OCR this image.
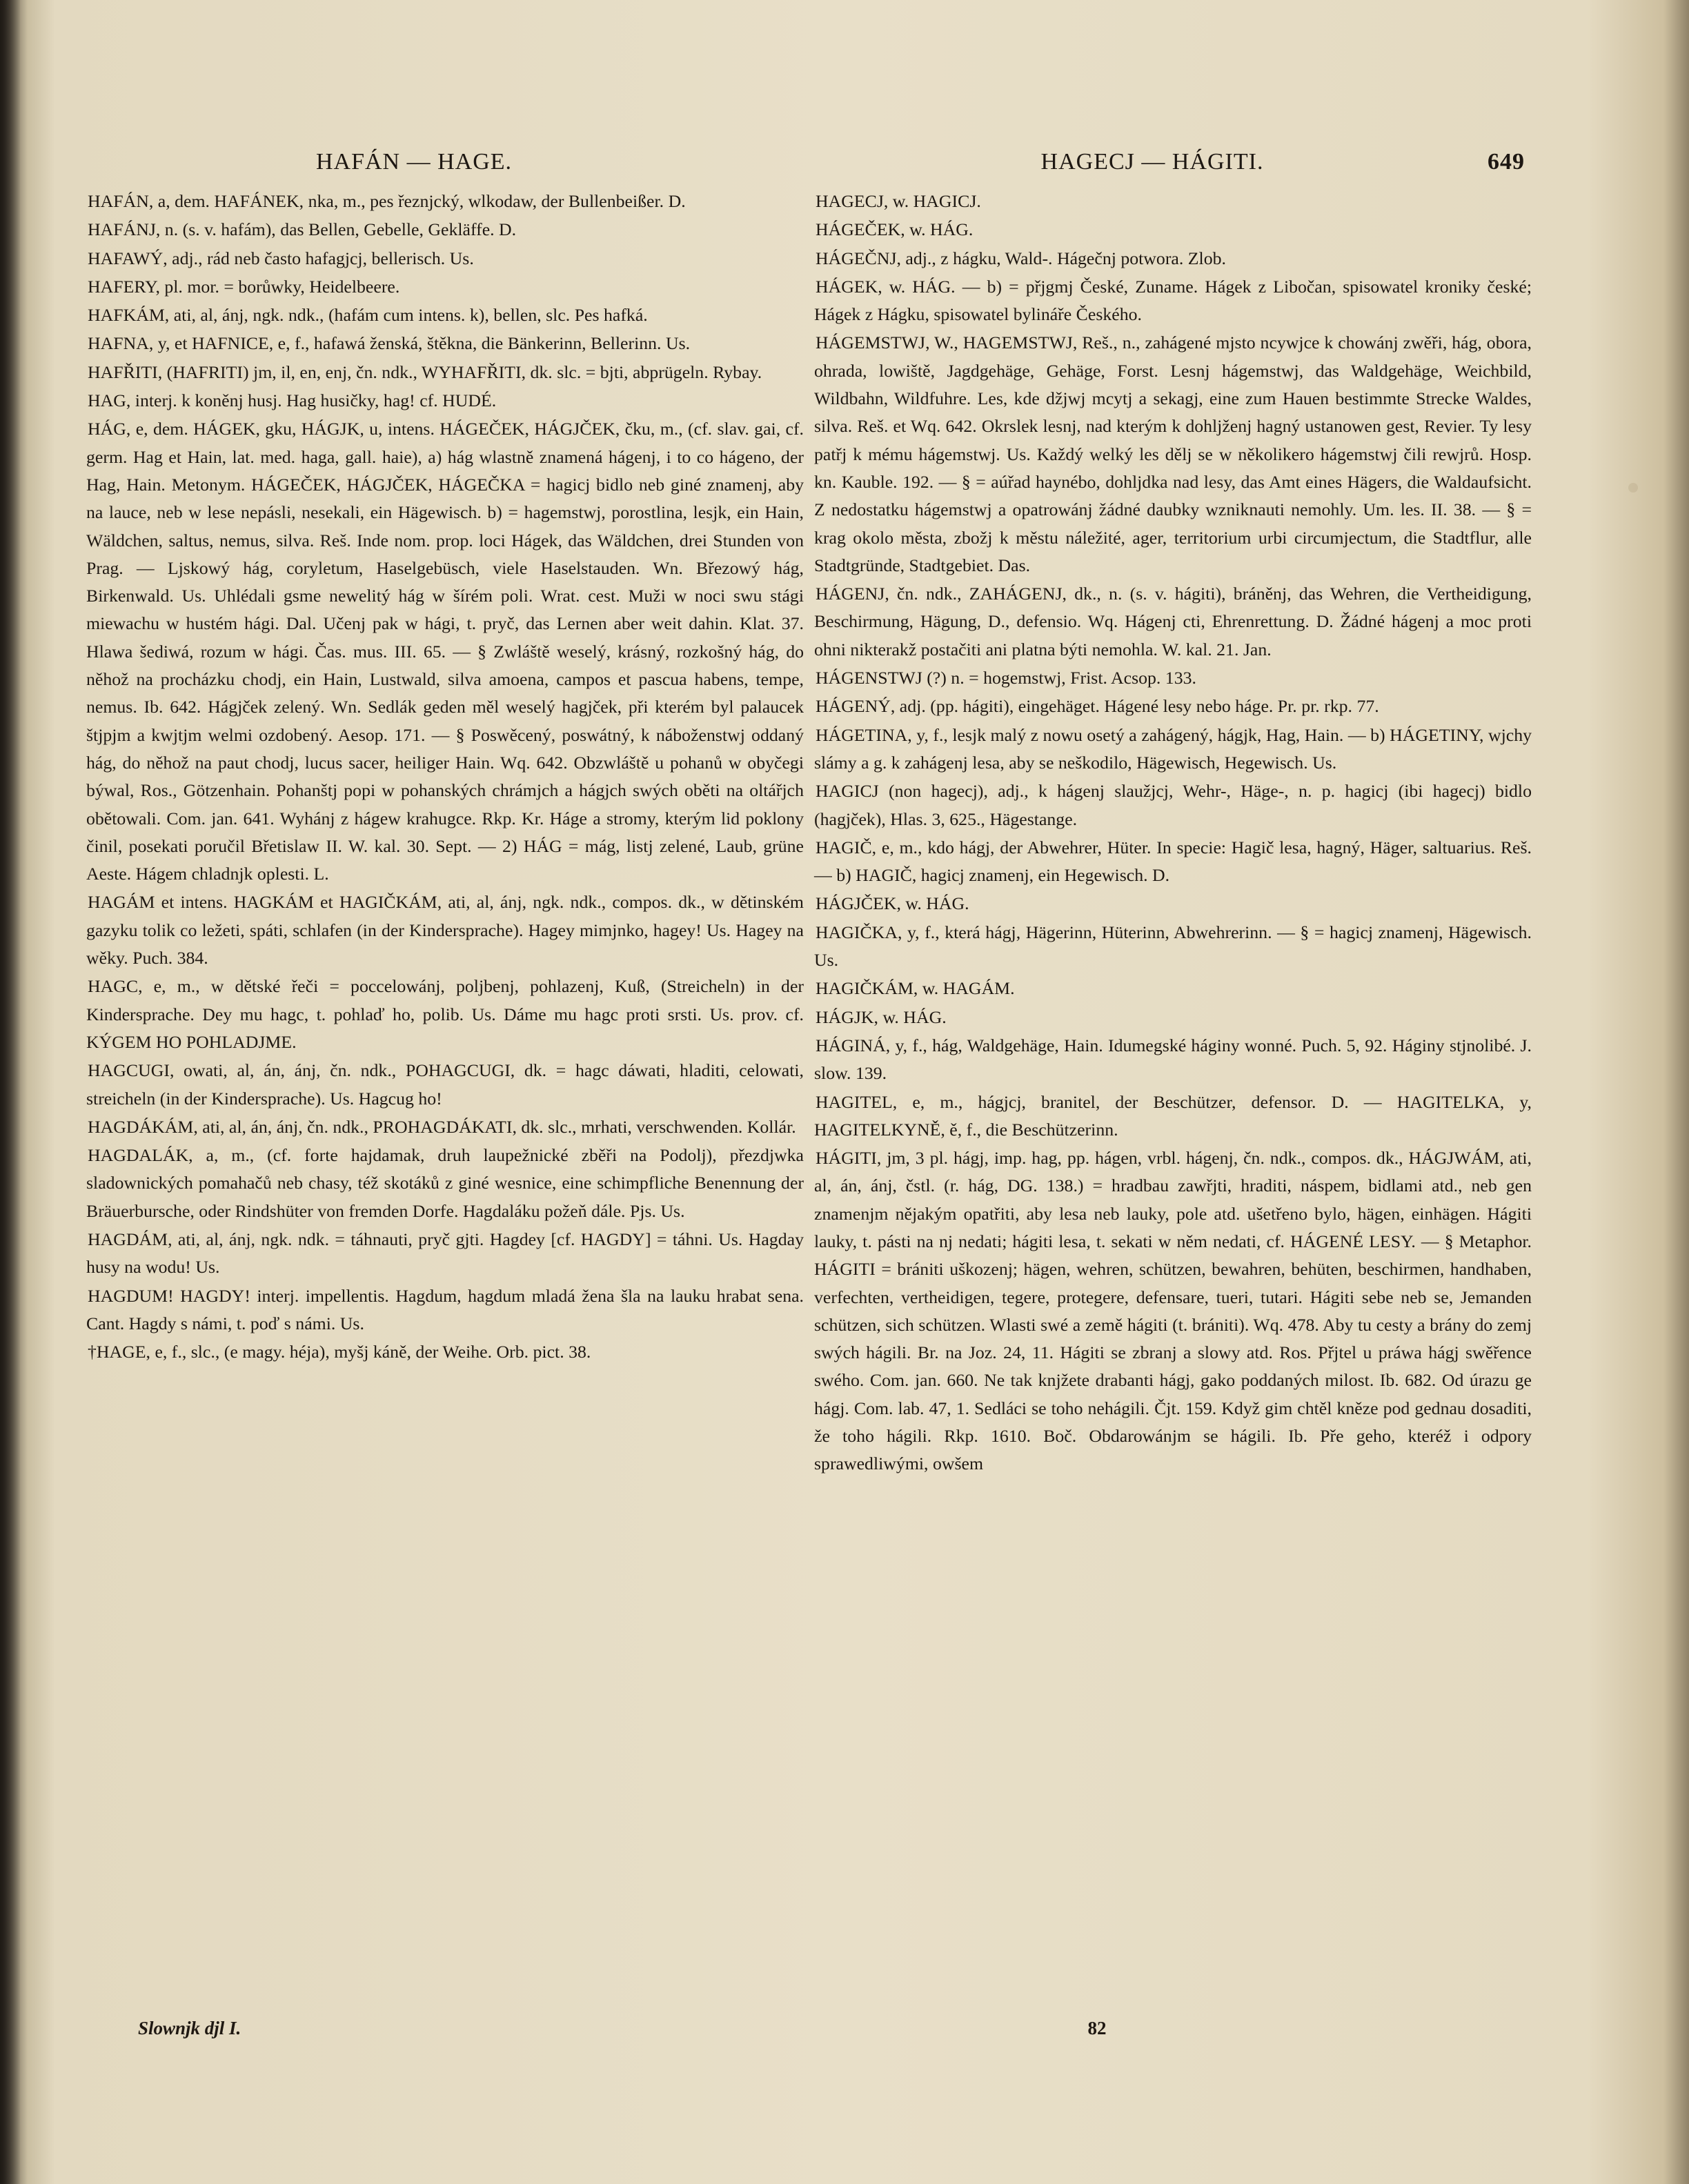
HAFÁN — HAGE.	HAGECJ — HÁGITI.	649

HAFÁN, a, dem. HAFÁNEK, nka, m., pes řeznjcký, wlkodaw, der Bullenbeißer. D.

HAFÁNJ, n. (s. v. hafám), das Bellen, Gebelle, Gekläffe. D.

HAFAWÝ, adj., rád neb často hafagjcj, bellerisch. Us.

HAFERY, pl. mor. = borůwky, Heidelbeere.

HAFKÁM, ati, al, ánj, ngk. ndk., (hafám cum intens. k), bellen, slc. Pes hafká.

HAFNA, y, et HAFNICE, e, f., hafawá ženská, štěkna, die Bänkerinn, Bellerinn. Us.

HAFŘITI, (HAFRITI) jm, il, en, enj, čn. ndk., WYHAFŘITI, dk. slc. = bjti, abprügeln. Rybay.

HAG, interj. k koněnj husj. Hag husičky, hag! cf. HUDÉ.

HÁG, e, dem. HÁGEK, gku, HÁGJK, u, intens. HÁGEČEK, HÁGJČEK, čku, m., (cf. slav. gai, cf. germ. Hag et Hain, lat. med. haga, gall. haie), a) hág wlastně znamená hágenj, i to co hágeno, der Hag, Hain. Metonym. HÁGEČEK, HÁGJČEK, HÁGEČKA = hagicj bidlo neb giné znamenj, aby na lauce, neb w lese nepásli, nesekali, ein Hägewisch. b) = hagemstwj, porostlina, lesjk, ein Hain, Wäldchen, saltus, nemus, silva. Reš. Inde nom. prop. loci Hágek, das Wäldchen, drei Stunden von Prag. — Ljskowý hág, coryletum, Haselgebüsch, viele Haselstauden. Wn. Březowý hág, Birkenwald. Us. Uhlédali gsme newelitý hág w šírém poli. Wrat. cest. Muži w noci swu stági miewachu w hustém hági. Dal. Učenj pak w hági, t. pryč, das Lernen aber weit dahin. Klat. 37. Hlawa šediwá, rozum w hági. Čas. mus. III. 65. — § Zwláště weselý, krásný, rozkošný hág, do něhož na procházku chodj, ein Hain, Lustwald, silva amoena, campos et pascua habens, tempe, nemus. Ib. 642. Hágjček zelený. Wn. Sedlák geden měl weselý hagjček, při kterém byl palaucek štjpjm a kwjtjm welmi ozdobený. Aesop. 171. — § Poswěcený, poswátný, k náboženstwj oddaný hág, do něhož na paut chodj, lucus sacer, heiliger Hain. Wq. 642. Obzwláště u pohanů w obyčegi býwal, Ros., Götzenhain. Pohanštj popi w pohanských chrámjch a hágjch swých oběti na oltářjch obětowali. Com. jan. 641. Wyhánj z hágew krahugce. Rkp. Kr. Háge a stromy, kterým lid poklony činil, posekati poručil Břetislaw II. W. kal. 30. Sept. — 2) HÁG = mág, listj zelené, Laub, grüne Aeste. Hágem chladnjk oplesti. L.

HAGÁM et intens. HAGKÁM et HAGIČKÁM, ati, al, ánj, ngk. ndk., compos. dk., w dětinském gazyku tolik co ležeti, spáti, schlafen (in der Kindersprache). Hagey mimjnko, hagey! Us. Hagey na wěky. Puch. 384.

HAGC, e, m., w dětské řeči = poccelowánj, poljbenj, pohlazenj, Kuß, (Streicheln) in der Kindersprache. Dey mu hagc, t. pohlaď ho, polib. Us. Dáme mu hagc proti srsti. Us. prov. cf. KÝGEM HO POHLADJME.

HAGCUGI, owati, al, án, ánj, čn. ndk., POHAGCUGI, dk. = hagc dáwati, hladiti, celowati, streicheln (in der Kindersprache). Us. Hagcug ho!

HAGDÁKÁM, ati, al, án, ánj, čn. ndk., PROHAGDÁKATI, dk. slc., mrhati, verschwenden. Kollár.

HAGDALÁK, a, m., (cf. forte hajdamak, druh laupežnické zběři na Podolj), přezdjwka sladownických pomahačů neb chasy, též skotáků z giné wesnice, eine schimpfliche Benennung der Bräuerbursche, oder Rindshüter von fremden Dorfe. Hagdaláku požeň dále. Pjs. Us.

HAGDÁM, ati, al, ánj, ngk. ndk. = táhnauti, pryč gjti. Hagdey [cf. HAGDY] = táhni. Us. Hagday husy na wodu! Us.

HAGDUM! HAGDY! interj. impellentis. Hagdum, hagdum mladá žena šla na lauku hrabat sena. Cant. Hagdy s námi, t. poď s námi. Us.

†HAGE, e, f., slc., (e magy. héja), myšj káně, der Weihe. Orb. pict. 38.

HAGECJ, w. HAGICJ.

HÁGEČEK, w. HÁG.

HÁGEČNJ, adj., z hágku, Wald-. Hágečnj potwora. Zlob.

HÁGEK, w. HÁG. — b) = přjgmj České, Zuname. Hágek z Libočan, spisowatel kroniky české; Hágek z Hágku, spisowatel bylináře Českého.

HÁGEMSTWJ, W., HAGEMSTWJ, Reš., n., zahágené mjsto ncywjce k chowánj zwěři, hág, obora, ohrada, lowiště, Jagdgehäge, Gehäge, Forst. Lesnj hágemstwj, das Waldgehäge, Weichbild, Wildbahn, Wildfuhre. Les, kde džjwj mcytj a sekagj, eine zum Hauen bestimmte Strecke Waldes, silva. Reš. et Wq. 642. Okrslek lesnj, nad kterým k dohljženj hagný ustanowen gest, Revier. Ty lesy patřj k mému hágemstwj. Us. Každý welký les dělj se w několikero hágemstwj čili rewjrů. Hosp. kn. Kauble. 192. — § = aúřad haynébo, dohljdka nad lesy, das Amt eines Hägers, die Waldaufsicht. Z nedostatku hágemstwj a opatrowánj žádné daubky wzniknauti nemohly. Um. les. II. 38. — § = krag okolo města, zbožj k městu náležité, ager, territorium urbi circumjectum, die Stadtflur, alle Stadtgründe, Stadtgebiet. Das.

HÁGENJ, čn. ndk., ZAHÁGENJ, dk., n. (s. v. hágiti), bráněnj, das Wehren, die Vertheidigung, Beschirmung, Hägung, D., defensio. Wq. Hágenj cti, Ehrenrettung. D. Žádné hágenj a moc proti ohni nikterakž postačiti ani platna býti nemohla. W. kal. 21. Jan.

HÁGENSTWJ (?) n. = hogemstwj, Frist. Acsop. 133.

HÁGENÝ, adj. (pp. hágiti), eingehäget. Hágené lesy nebo háge. Pr. pr. rkp. 77.

HÁGETINA, y, f., lesjk malý z nowu osetý a zahágený, hágjk, Hag, Hain. — b) HÁGETINY, wjchy slámy a g. k zahágenj lesa, aby se neškodilo, Hägewisch, Hegewisch. Us.

HAGICJ (non hagecj), adj., k hágenj slaužjcj, Wehr-, Häge-, n. p. hagicj (ibi hagecj) bidlo (hagjček), Hlas. 3, 625., Hägestange.

HAGIČ, e, m., kdo hágj, der Abwehrer, Hüter. In specie: Hagič lesa, hagný, Häger, saltuarius. Reš. — b) HAGIČ, hagicj znamenj, ein Hegewisch. D.

HÁGJČEK, w. HÁG.

HAGIČKA, y, f., která hágj, Hägerinn, Hüterinn, Abwehrerinn. — § = hagicj znamenj, Hägewisch. Us.

HAGIČKÁM, w. HAGÁM.

HÁGJK, w. HÁG.

HÁGINÁ, y, f., hág, Waldgehäge, Hain. Idumegské háginy wonné. Puch. 5, 92. Háginy stjnolibé. J. slow. 139.

HAGITEL, e, m., hágjcj, branitel, der Beschützer, defensor. D. — HAGITELKA, y, HAGITELKYNĚ, ě, f., die Beschützerinn.

HÁGITI, jm, 3 pl. hágj, imp. hag, pp. hágen, vrbl. hágenj, čn. ndk., compos. dk., HÁGJWÁM, ati, al, án, ánj, čstl. (r. hág, DG. 138.) = hradbau zawřjti, hraditi, náspem, bidlami atd., neb gen znamenjm nějakým opatřiti, aby lesa neb lauky, pole atd. ušetřeno bylo, hägen, einhägen. Hágiti lauky, t. pásti na nj nedati; hágiti lesa, t. sekati w něm nedati, cf. HÁGENÉ LESY. — § Metaphor. HÁGITI = brániti uškozenj; hägen, wehren, schützen, bewahren, behüten, beschirmen, handhaben, verfechten, vertheidigen, tegere, protegere, defensare, tueri, tutari. Hágiti sebe neb se, Jemanden schützen, sich schützen. Wlasti swé a země hágiti (t. brániti). Wq. 478. Aby tu cesty a brány do zemj swých hágili. Br. na Joz. 24, 11. Hágiti se zbranj a slowy atd. Ros. Přjtel u práwa hágj swěřence swého. Com. jan. 660. Ne tak knjžete drabanti hágj, gako poddaných milost. Ib. 682. Od úrazu ge hágj. Com. lab. 47, 1. Sedláci se toho nehágili. Čjt. 159. Když gim chtěl kněze pod gednau dosaditi, že toho hágili. Rkp. 1610. Boč. Obdarowánjm se hágili. Ib. Pře geho, kteréž i odpory sprawedliwými, owšem

Slownjk djl I.	82
